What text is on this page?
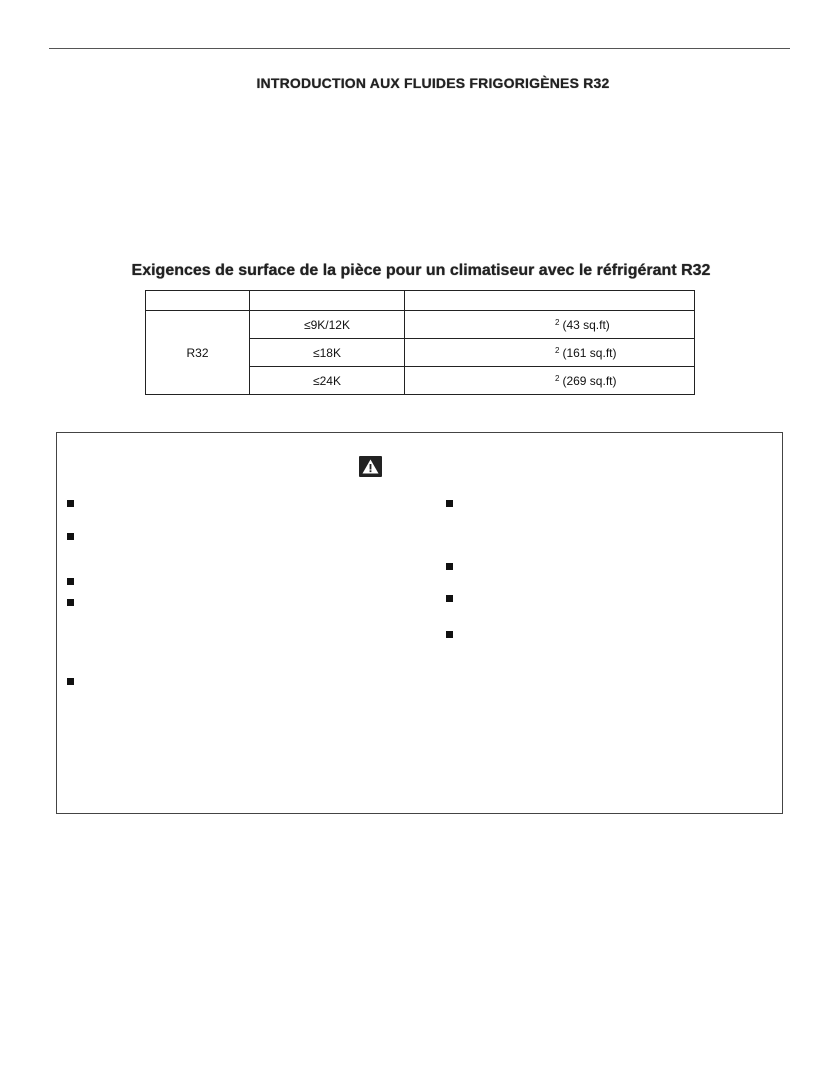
INTRODUCTION AUX FLUIDES FRIGORIGÈNES R32
Exigences de surface de la pièce pour un climatiseur avec le réfrigérant R32

R32	≤9K/12K	$^2$ (43 sq.ft)
	≤18K	$^2$ (161 sq.ft)
	≤24K	$^2$ (269 sq.ft)
